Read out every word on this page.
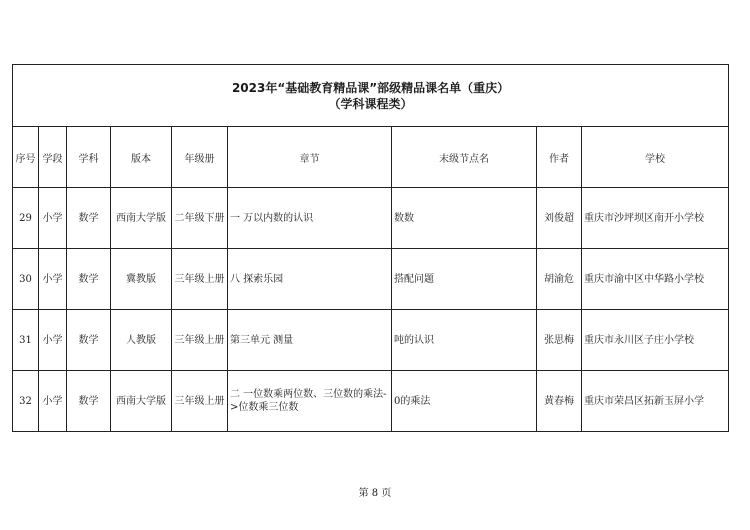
2023年“基础教育精品课”部级精品课名单（重庆）
（学科课程类）								

序号	学段	学科	版本	年级册	章节	末级节点名	作者	学校
29	小学	数学	西南大学版	二年级下册	一 万以内数的认识	数数	刘俊超	重庆市沙坪坝区南开小学校
30	小学	数学	冀教版	三年级上册	八 探索乐园	搭配问题	胡渝危	重庆市渝中区中华路小学校
31	小学	数学	人教版	三年级上册	第三单元 测量	吨的认识	张思梅	重庆市永川区子庄小学校
32	小学	数学	西南大学版	三年级上册	二 一位数乘两位数、三位数的乘法->位数乘三位数	0的乘法	黄春梅	重庆市荣昌区拓新玉屏小学
第 8 页
